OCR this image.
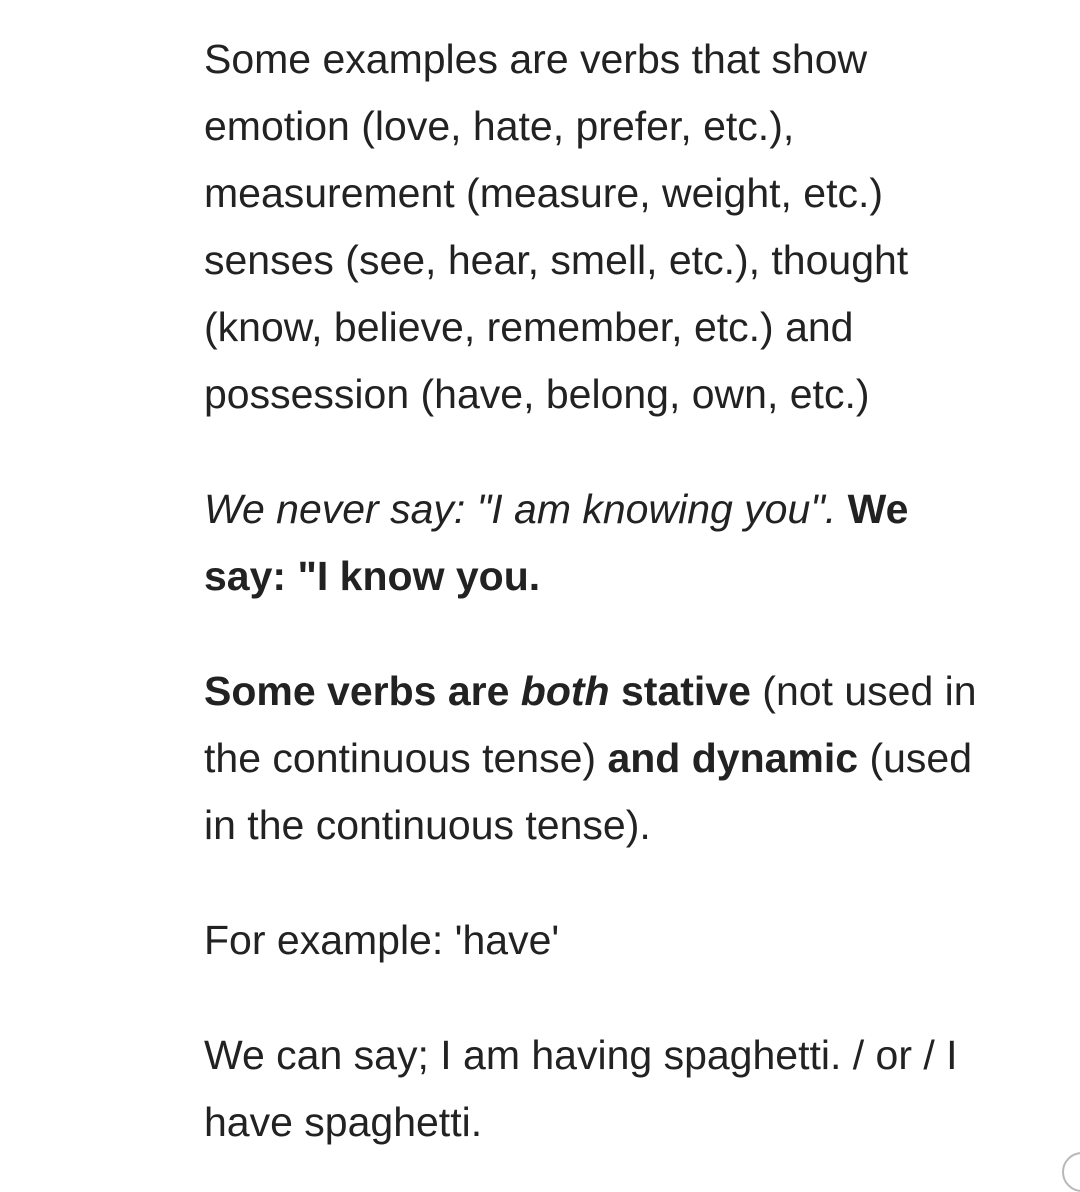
Some examples are verbs that show emotion (love, hate, prefer, etc.), measurement (measure, weight, etc.) senses (see, hear, smell, etc.), thought (know, believe, remember, etc.) and possession (have, belong, own, etc.)

We never say: "I am knowing you". We say: "I know you.

Some verbs are both stative (not used in the continuous tense) and dynamic (used in the continuous tense).

For example: 'have'

We can say; I am having spaghetti. / or / I have spaghetti.
